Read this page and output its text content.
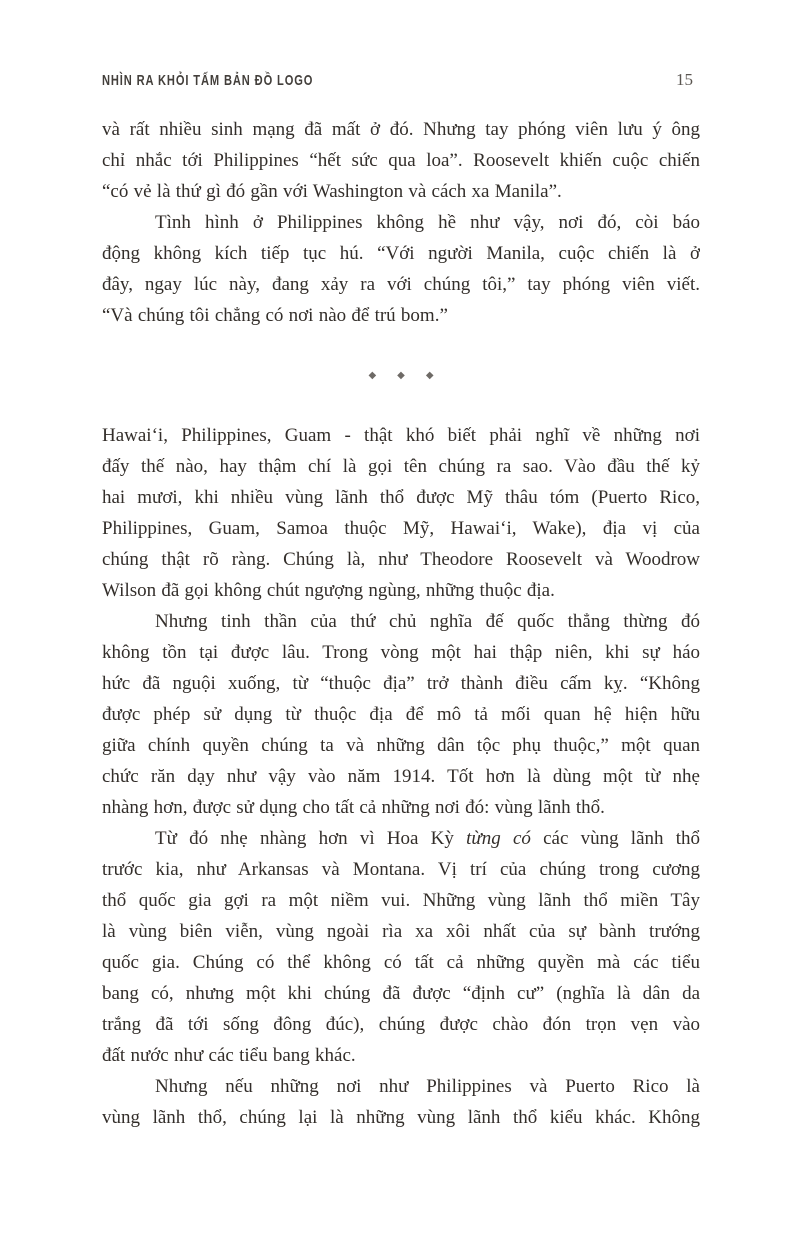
NHÌN RA KHỎI TẤM BẢN ĐỒ LOGO	15
và rất nhiều sinh mạng đã mất ở đó. Nhưng tay phóng viên lưu ý ông
chỉ nhắc tới Philippines “hết sức qua loa”. Roosevelt khiến cuộc chiến
“có vẻ là thứ gì đó gần với Washington và cách xa Manila”.
Tình hình ở Philippines không hề như vậy, nơi đó, còi báo
động không kích tiếp tục hú. “Với người Manila, cuộc chiến là ở
đây, ngay lúc này, đang xảy ra với chúng tôi,” tay phóng viên viết.
“Và chúng tôi chẳng có nơi nào để trú bom.”
◆ ◆ ◆
Hawaiʻi, Philippines, Guam - thật khó biết phải nghĩ về những nơi
đấy thế nào, hay thậm chí là gọi tên chúng ra sao. Vào đầu thế kỷ
hai mươi, khi nhiều vùng lãnh thổ được Mỹ thâu tóm (Puerto Rico,
Philippines, Guam, Samoa thuộc Mỹ, Hawaiʻi, Wake), địa vị của
chúng thật rõ ràng. Chúng là, như Theodore Roosevelt và Woodrow
Wilson đã gọi không chút ngượng ngùng, những thuộc địa.
Nhưng tinh thần của thứ chủ nghĩa đế quốc thẳng thừng đó
không tồn tại được lâu. Trong vòng một hai thập niên, khi sự háo
hức đã nguội xuống, từ “thuộc địa” trở thành điều cấm kỵ. “Không
được phép sử dụng từ thuộc địa để mô tả mối quan hệ hiện hữu
giữa chính quyền chúng ta và những dân tộc phụ thuộc,” một quan
chức răn dạy như vậy vào năm 1914. Tốt hơn là dùng một từ nhẹ
nhàng hơn, được sử dụng cho tất cả những nơi đó: vùng lãnh thổ.
Từ đó nhẹ nhàng hơn vì Hoa Kỳ từng có các vùng lãnh thổ
trước kia, như Arkansas và Montana. Vị trí của chúng trong cương
thổ quốc gia gợi ra một niềm vui. Những vùng lãnh thổ miền Tây
là vùng biên viễn, vùng ngoài rìa xa xôi nhất của sự bành trướng
quốc gia. Chúng có thể không có tất cả những quyền mà các tiểu
bang có, nhưng một khi chúng đã được “định cư” (nghĩa là dân da
trắng đã tới sống đông đúc), chúng được chào đón trọn vẹn vào
đất nước như các tiểu bang khác.
Nhưng nếu những nơi như Philippines và Puerto Rico là
vùng lãnh thổ, chúng lại là những vùng lãnh thổ kiểu khác. Không
